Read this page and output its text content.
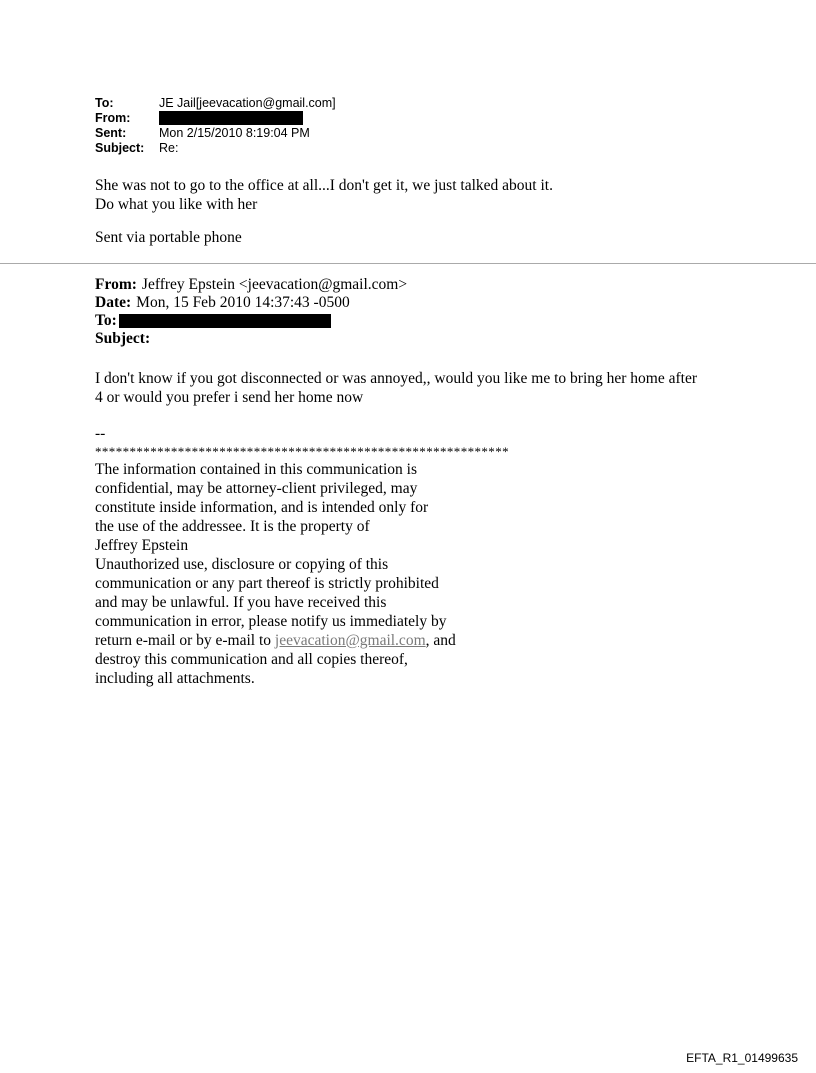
To:	JE Jail[jeevacation@gmail.com]
From:
Sent:	Mon 2/15/2010 8:19:04 PM
Subject:	Re:

She was not to go to the office at all...I don't get it, we just talked about it.

Do what you like with her

Sent via portable phone
From: Jeffrey Epstein <jeevacation@gmail.com>
Date: Mon, 15 Feb 2010 14:37:43 -0500
To:
Subject:

I don't know if you got disconnected or was annoyed,, would you like me to bring her home after

4 or would you prefer i send her home now

--
************************************************************
The information contained in this communication is
confidential, may be attorney-client privileged, may
constitute inside information, and is intended only for
the use of the addressee. It is the property of
Jeffrey Epstein
Unauthorized use, disclosure or copying of this
communication or any part thereof is strictly prohibited
and may be unlawful. If you have received this
communication in error, please notify us immediately by
return e-mail or by e-mail to jeevacation@gmail.com, and
destroy this communication and all copies thereof,
including all attachments.
EFTA_R1_01499635
